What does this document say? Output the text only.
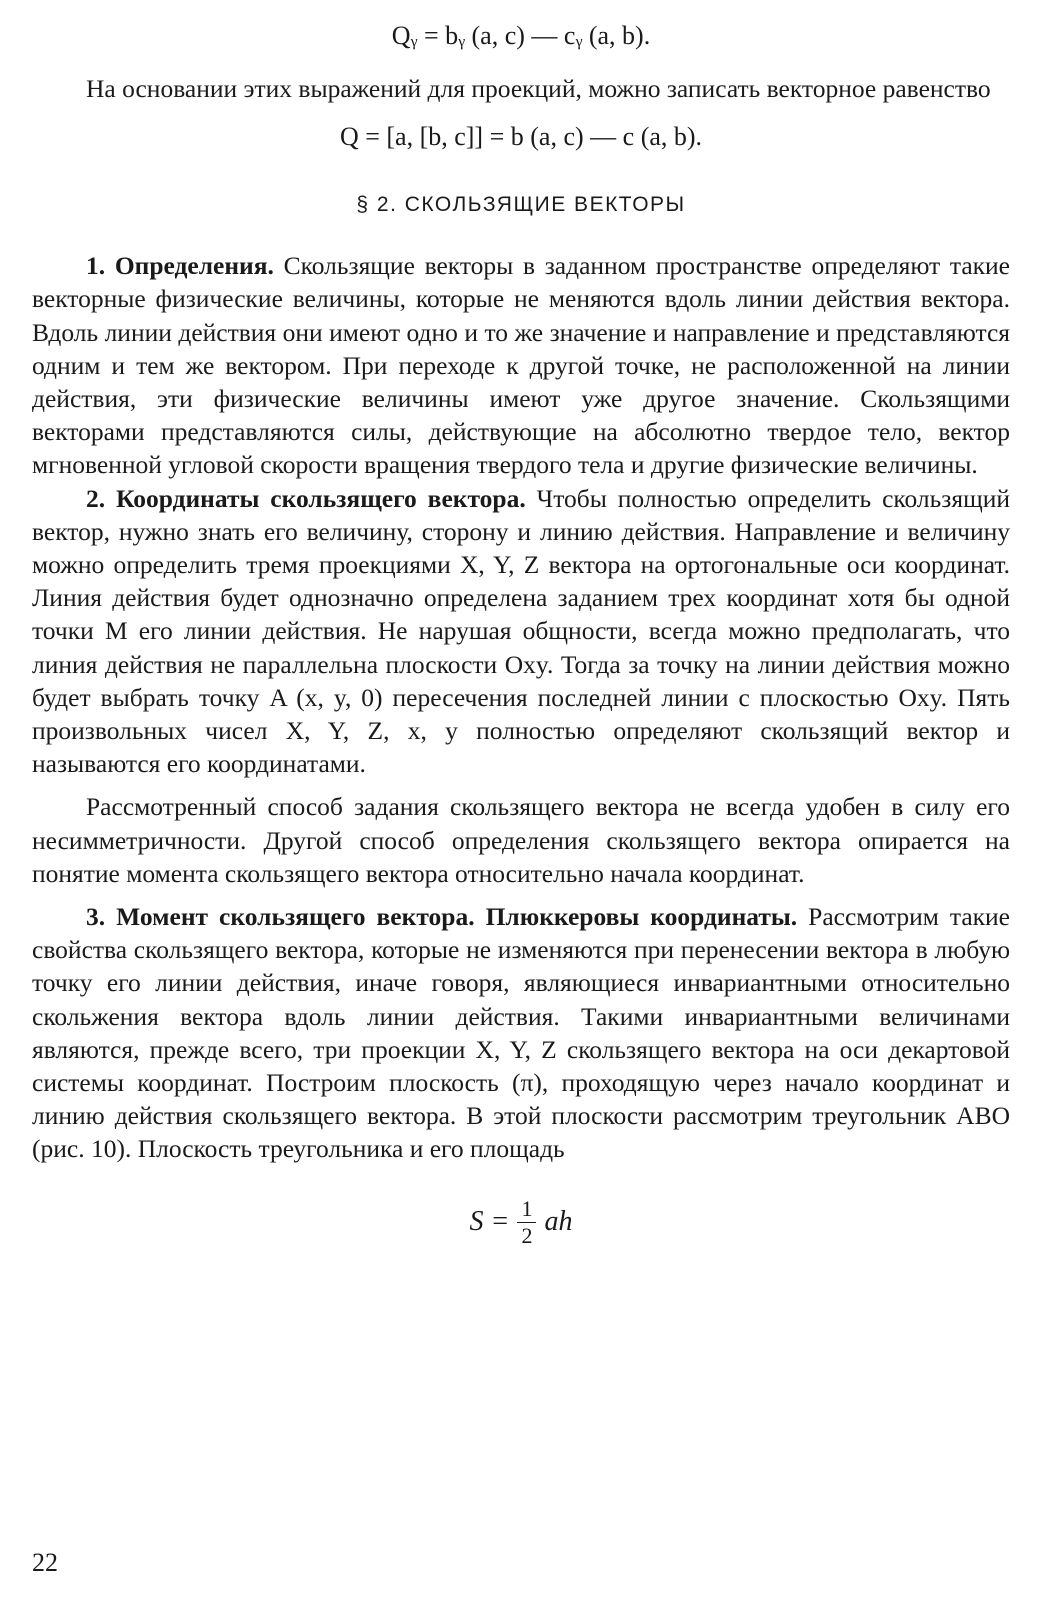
Qᵧ = bᵧ (a, c) — cᵧ (a, b).

На основании этих выражений для проекций, можно записать векторное равенство

Q = [a, [b, c]] = b (a, c) — c (a, b).
§ 2. СКОЛЬЗЯЩИЕ ВЕКТОРЫ

1. Определения. Скользящие векторы в заданном пространстве определяют такие векторные физические величины, которые не меняются вдоль линии действия вектора. Вдоль линии действия они имеют одно и то же значение и направление и представляются одним и тем же вектором. При переходе к другой точке, не расположенной на линии действия, эти физические величины имеют уже другое значение. Скользящими векторами представляются силы, действующие на абсолютно твердое тело, вектор мгновенной угловой скорости вращения твердого тела и другие физические величины.

2. Координаты скользящего вектора. Чтобы полностью определить скользящий вектор, нужно знать его величину, сторону и линию действия. Направление и величину можно определить тремя проекциями X, Y, Z вектора на ортогональные оси координат. Линия действия будет однозначно определена заданием трех координат хотя бы одной точки M его линии действия. Не нарушая общности, всегда можно предполагать, что линия действия не параллельна плоскости Oxy. Тогда за точку на линии действия можно будет выбрать точку A (x, y, 0) пересечения последней линии с плоскостью Oxy. Пять произвольных чисел X, Y, Z, x, y полностью определяют скользящий вектор и называются его координатами.

Рассмотренный способ задания скользящего вектора не всегда удобен в силу его несимметричности. Другой способ определения скользящего вектора опирается на понятие момента скользящего вектора относительно начала координат.

3. Момент скользящего вектора. Плюккеровы координаты. Рассмотрим такие свойства скользящего вектора, которые не изменяются при перенесении вектора в любую точку его линии действия, иначе говоря, являющиеся инвариантными относительно скольжения вектора вдоль линии действия. Такими инвариантными величинами являются, прежде всего, три проекции X, Y, Z скользящего вектора на оси декартовой системы координат. Построим плоскость (π), проходящую через начало координат и линию действия скользящего вектора. В этой плоскости рассмотрим треугольник ABO (рис. 10). Плоскость треугольника и его площадь

$S = \frac{1}{2}$ ah
22
